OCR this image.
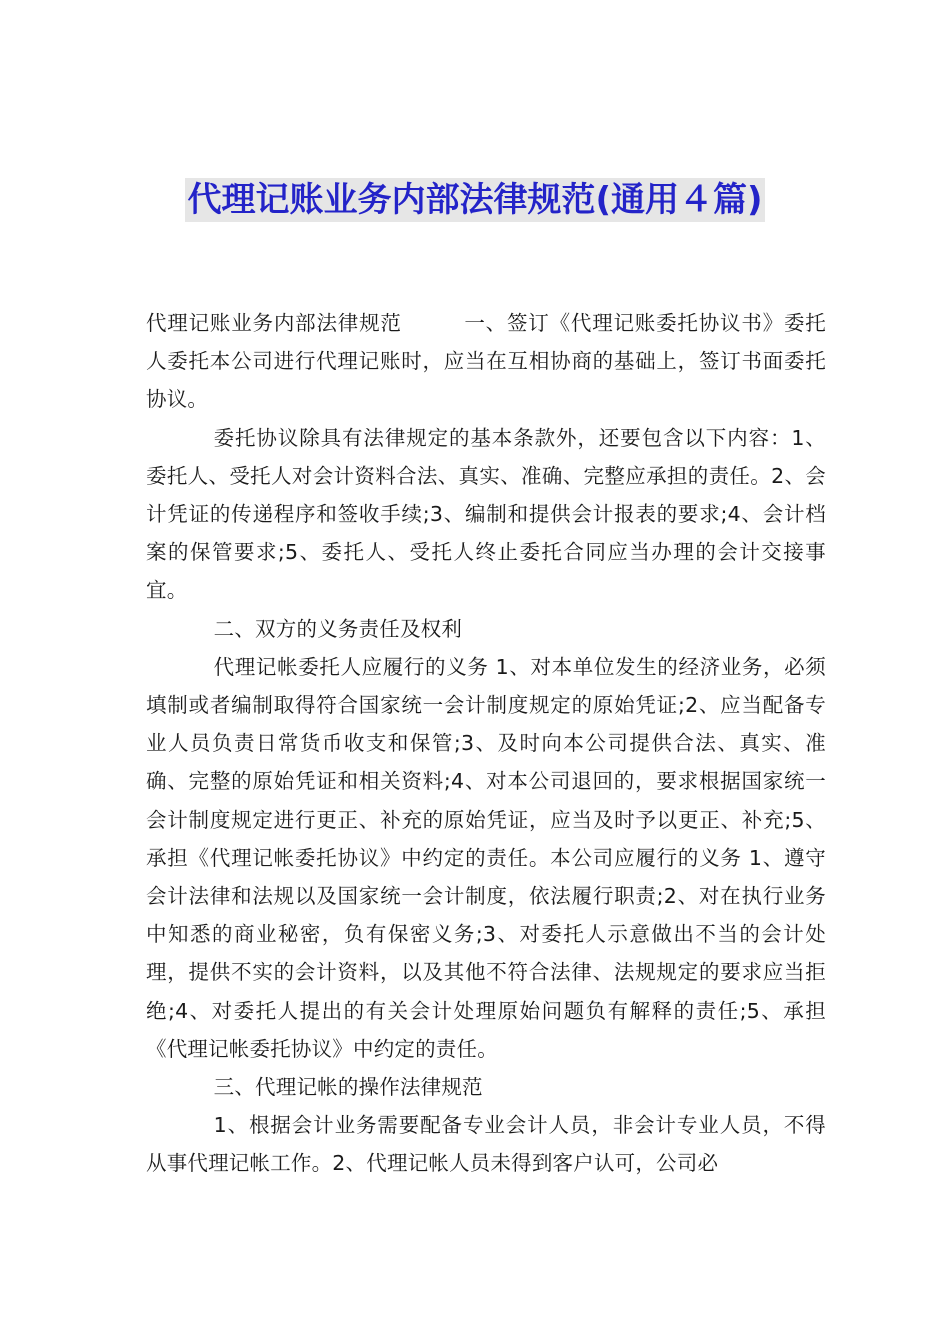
代理记账业务内部法律规范(通用４篇)

代理记账业务内部法律规范	一、签订《代理记账委托协议书》委托人委托本公司进行代理记账时，应当在互相协商的基础上，签订书面委托协议。

委托协议除具有法律规定的基本条款外，还要包含以下内容：1、委托人、受托人对会计资料合法、真实、准确、完整应承担的责任。2、会计凭证的传递程序和签收手续;3、编制和提供会计报表的要求;4、会计档案的保管要求;5、委托人、受托人终止委托合同应当办理的会计交接事宜。

二、双方的义务责任及权利

代理记帐委托人应履行的义务 1、对本单位发生的经济业务，必须填制或者编制取得符合国家统一会计制度规定的原始凭证;2、应当配备专业人员负责日常货币收支和保管;3、及时向本公司提供合法、真实、准确、完整的原始凭证和相关资料;4、对本公司退回的，要求根据国家统一会计制度规定进行更正、补充的原始凭证，应当及时予以更正、补充;5、承担《代理记帐委托协议》中约定的责任。本公司应履行的义务 1、遵守会计法律和法规以及国家统一会计制度，依法履行职责;2、对在执行业务中知悉的商业秘密，负有保密义务;3、对委托人示意做出不当的会计处理，提供不实的会计资料，以及其他不符合法律、法规规定的要求应当拒绝;4、对委托人提出的有关会计处理原始问题负有解释的责任;5、承担《代理记帐委托协议》中约定的责任。

三、代理记帐的操作法律规范

1、根据会计业务需要配备专业会计人员，非会计专业人员，不得从事代理记帐工作。2、代理记帐人员未得到客户认可，公司必
